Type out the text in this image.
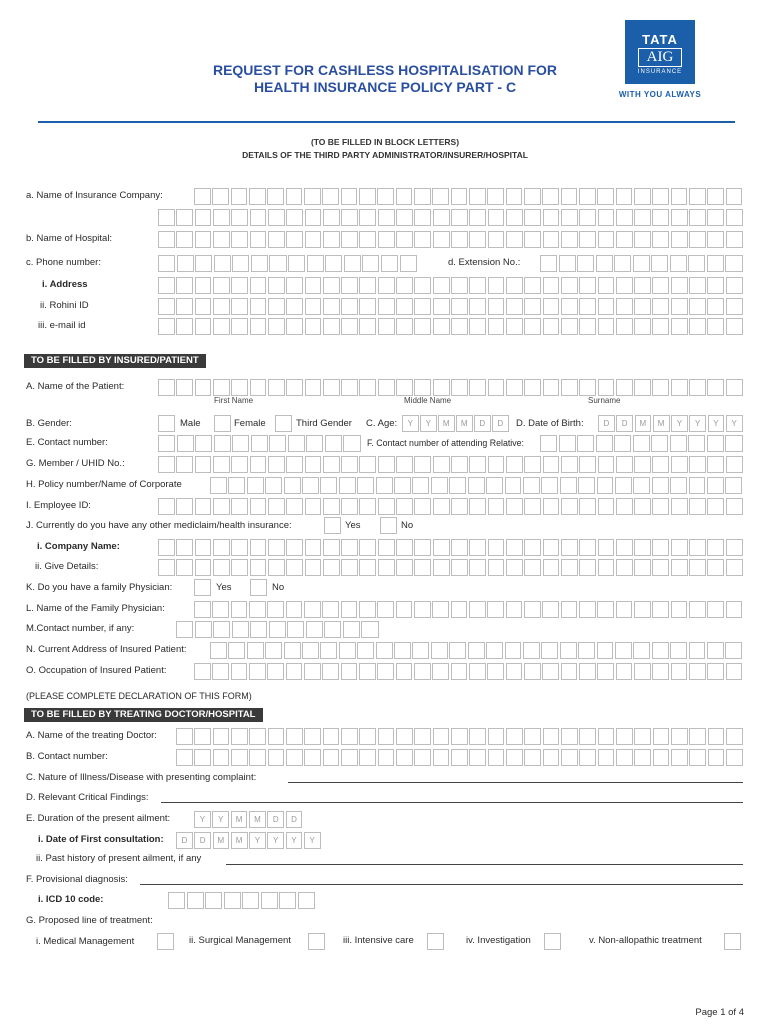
REQUEST FOR CASHLESS HOSPITALISATION FOR
HEALTH INSURANCE POLICY PART - C
TATA
AIG
INSURANCE
WITH YOU ALWAYS
(TO BE FILLED IN BLOCK LETTERS)
DETAILS OF THE THIRD PARTY ADMINISTRATOR/INSURER/HOSPITAL
a. Name of Insurance Company:
b. Name of Hospital:
c. Phone number:	d. Extension No.:
i. Address
ii. Rohini ID
iii. e-mail id
TO BE FILLED BY INSURED/PATIENT
A. Name of the Patient:
First Name	Middle Name	Surname
B. Gender:	Male	Female	Third Gender C. Age:	Y	Y	M	M	D	D	D. Date of Birth:	D	D	M	M	Y	Y	Y	Y
E. Contact number:	F. Contact number of attending Relative:
G. Member / UHID No.:
H. Policy number/Name of Corporate
I. Employee ID:
J. Currently do you have any other mediclaim/health insurance:	Yes	No
i. Company Name:
ii. Give Details:
K. Do you have a family Physician:	Yes	No
L. Name of the Family Physician:
M.Contact number, if any:
N. Current Address of Insured Patient:
O. Occupation of Insured Patient:
(PLEASE COMPLETE DECLARATION OF THIS FORM)
TO BE FILLED BY TREATING DOCTOR/HOSPITAL
A. Name of the treating Doctor:
B. Contact number:
C. Nature of Illness/Disease with presenting complaint:
D. Relevant Critical Findings:
E. Duration of the present ailment:	Y	Y	M	M	D	D
i. Date of First consultation:	D	D	M	M	Y	Y	Y	Y
ii. Past history of present ailment, if any
F. Provisional diagnosis:
i. ICD 10 code:
G. Proposed line of treatment:
i. Medical Management	ii. Surgical Management	iii. Intensive care	iv. Investigation	v. Non-allopathic treatment
Page 1 of 4
